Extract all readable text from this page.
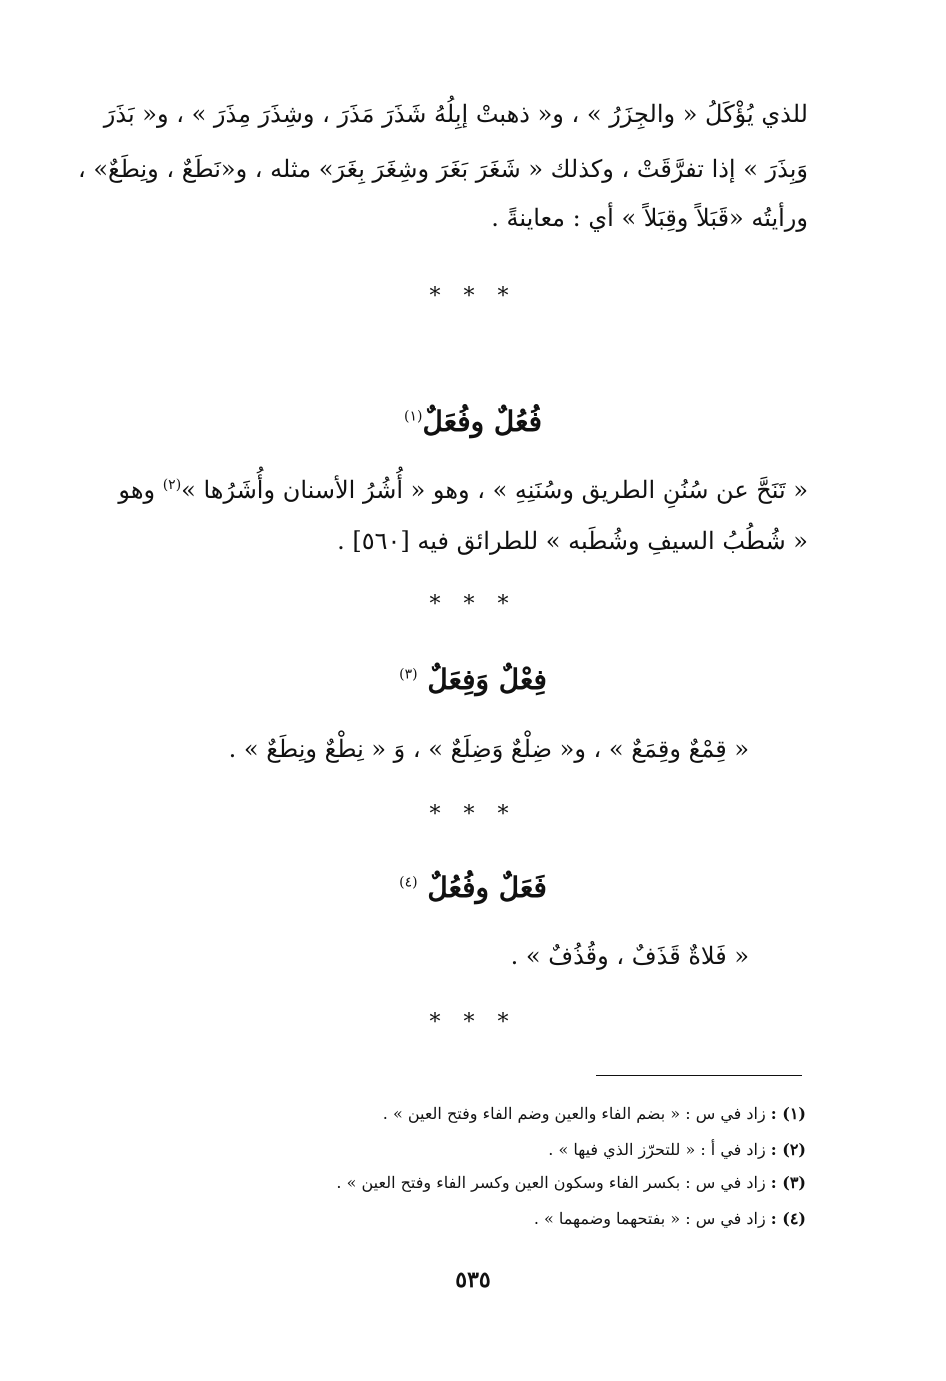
للذي يُؤْكَلُ « والجِزَرُ » ، و« ذهبتْ إبِلُهُ شَذَرَ مَذَرَ ، وشِذَرَ مِذَرَ » ، و« بَذَرَ
وَبِذَرَ » إذا تفرَّقَتْ ، وكذلك « شَغَرَ بَغَرَ وشِغَرَ بِغَرَ» مثله ، و«نَطَعٌ ، ونِطَعٌ» ،
ورأيتُه «قَبَلاً وقِبَلاً » أي : معاينةً .
* * *
فُعُلٌ وفُعَلٌ$^{(١)}$
« تَنَحَّ عن سُنُنِ الطريق وسُنَنِهِ » ، وهو « أُشُرُ الأسنان وأُشَرُها »$^{(٢)}$ وهو
« شُطُبُ السيفِ وشُطَبه » للطرائق فيه [٥٦٠] .
* * *
فِعْلٌ وَفِعَلٌ $^{(٣)}$
« قِمْعٌ وقِمَعٌ » ، و« ضِلْعٌ وَضِلَعٌ » ، وَ « نِطْعٌ ونِطَعٌ » .
* * *
فَعَلٌ وفُعُلٌ $^{(٤)}$
« فَلاةٌ قَذَفٌ ، وقُذُفٌ » .
* * *
(١) : زاد في س : « بضم الفاء والعين وضم الفاء وفتح العين » .
(٢) : زاد في أ : « للتحرّز الذي فيها » .
(٣) : زاد في س : بكسر الفاء وسكون العين وكسر الفاء وفتح العين » .
(٤) : زاد في س : « بفتحهما وضمهما » .
٥٣٥
